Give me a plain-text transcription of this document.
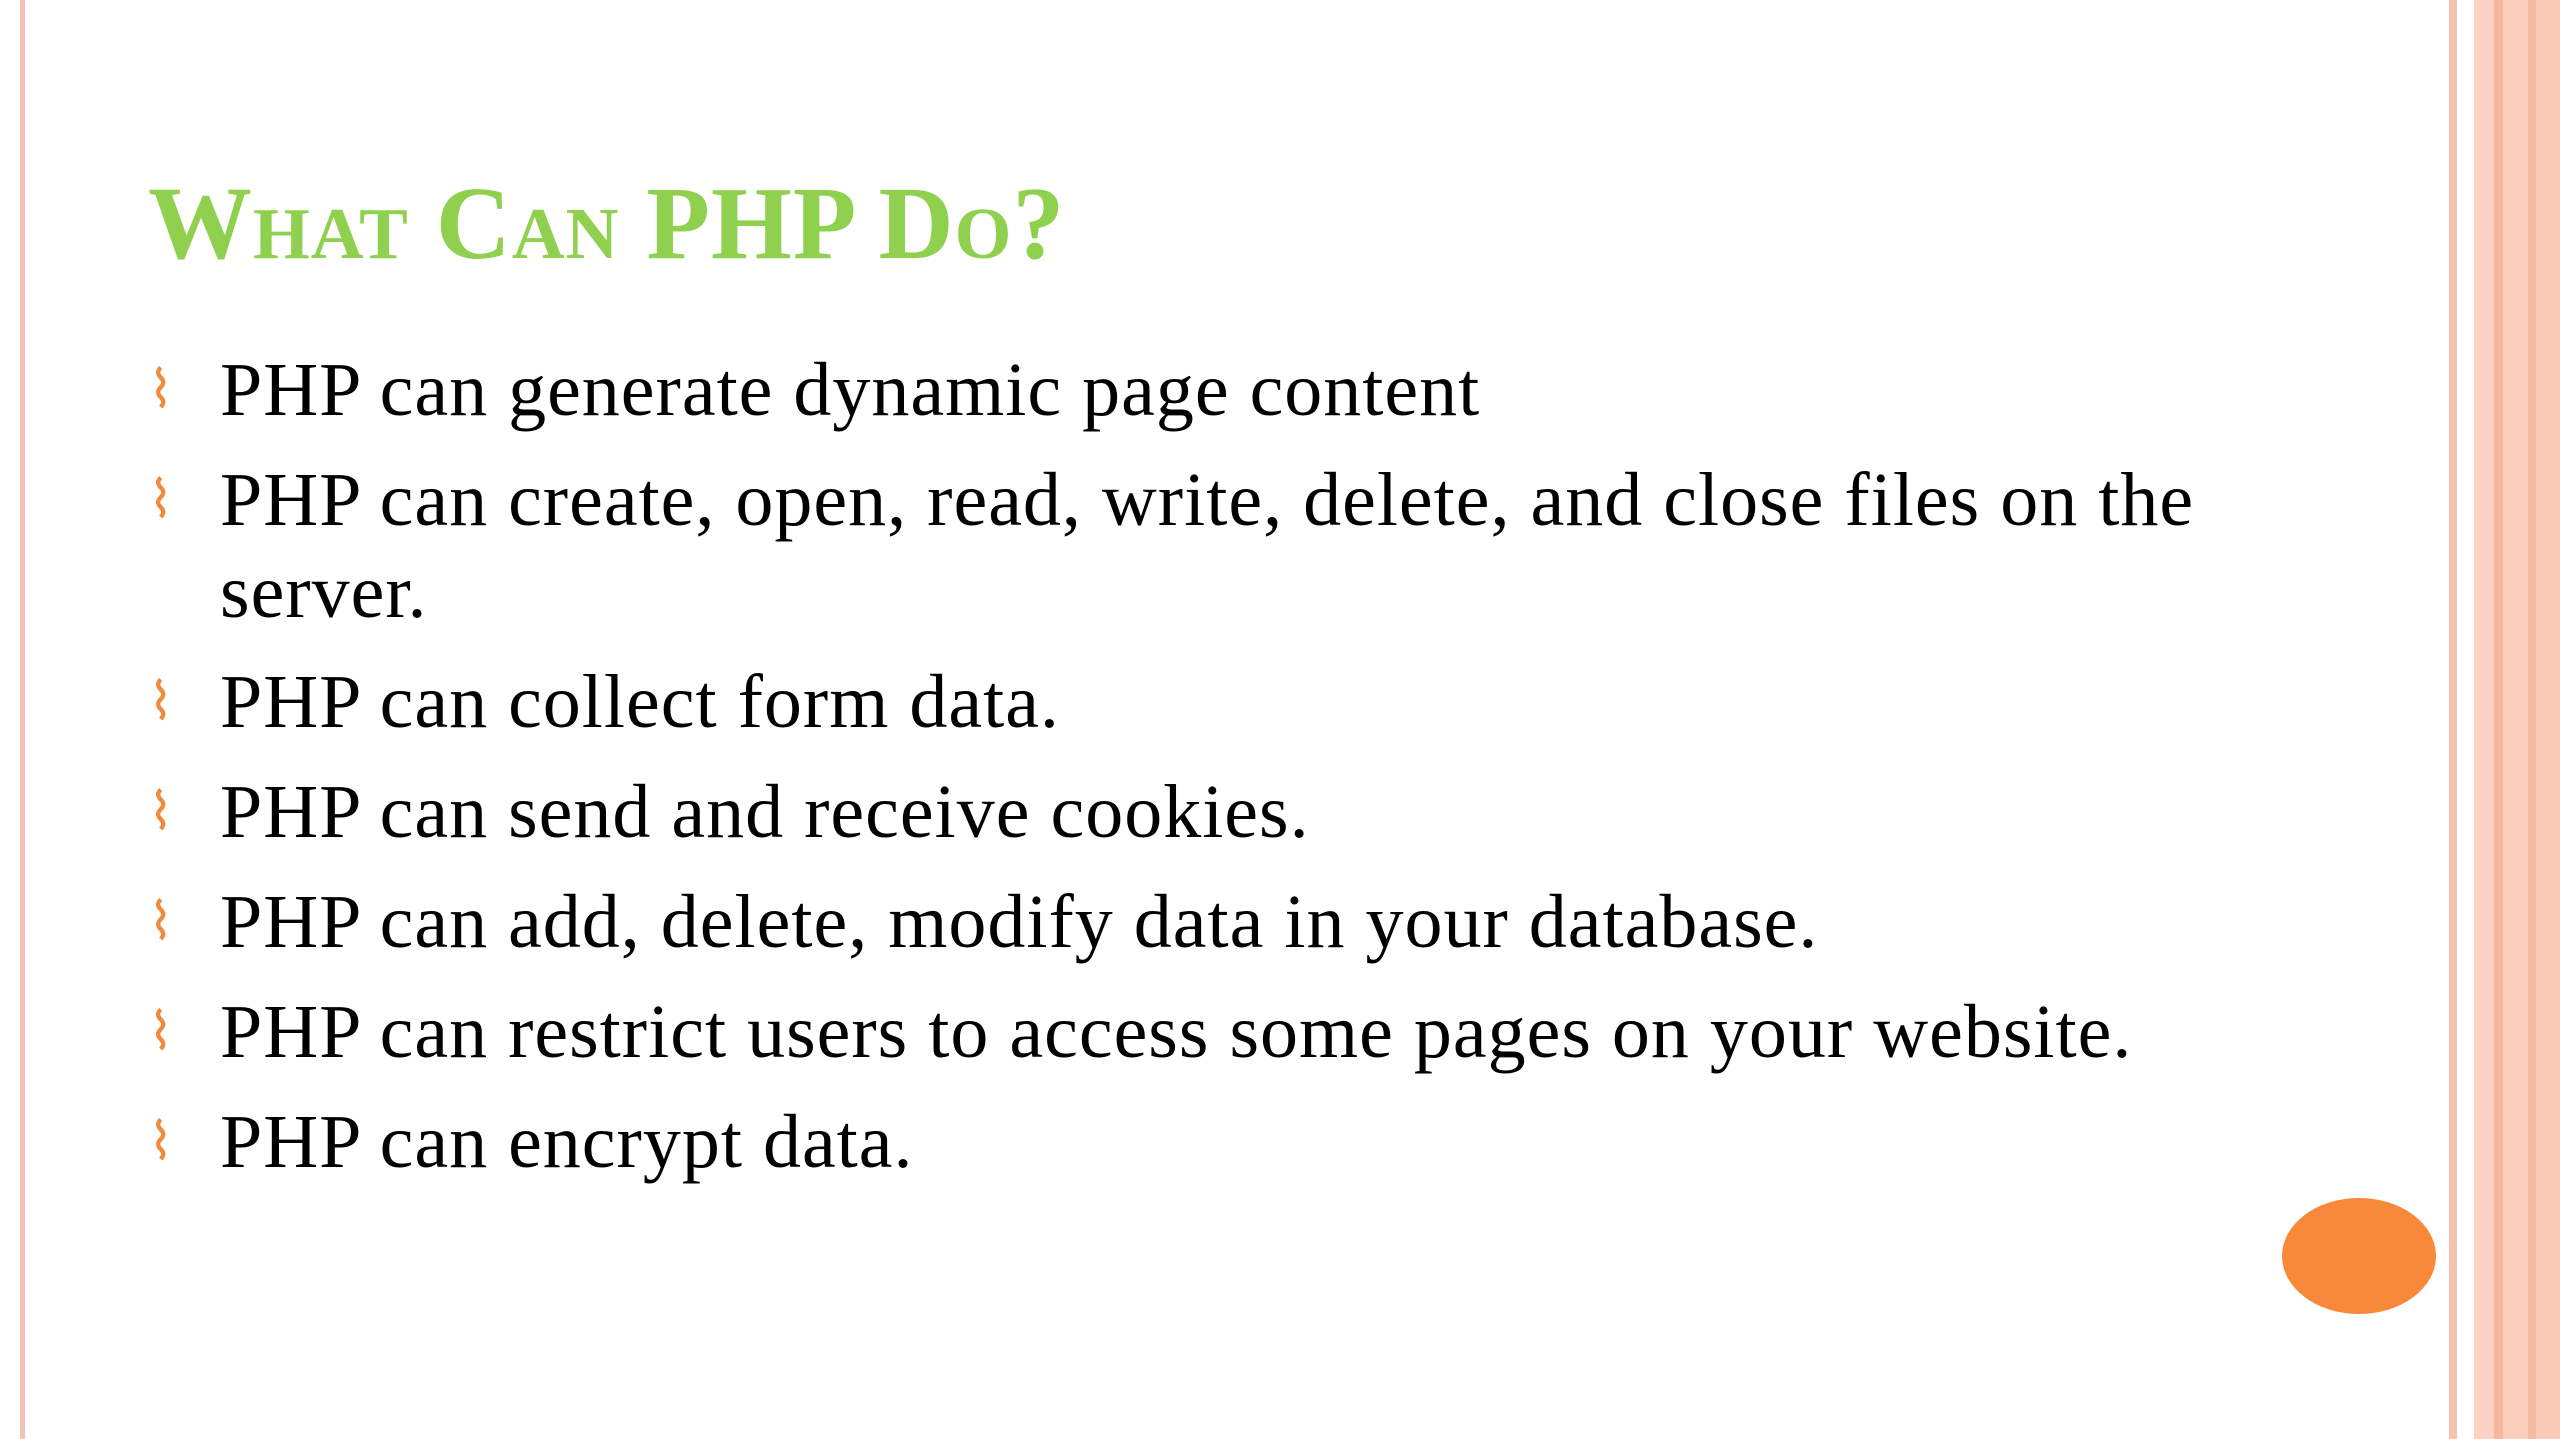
What Can PHP Do?
⌇ PHP can generate dynamic page content
⌇ PHP can create, open, read, write, delete, and close files on the server.
⌇ PHP can collect form data.
⌇ PHP can send and receive cookies.
⌇ PHP can add, delete, modify data in your database.
⌇ PHP can restrict users to access some pages on your website.
⌇ PHP can encrypt data.
